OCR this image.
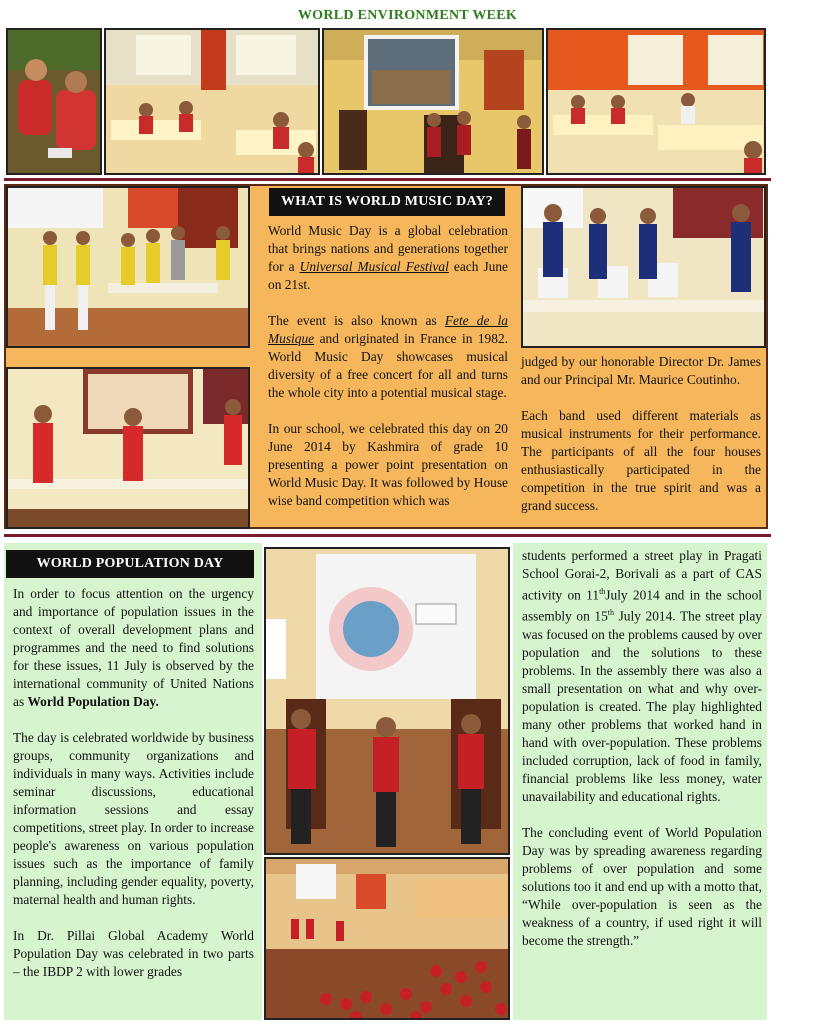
WORLD ENVIRONMENT WEEK
WHAT IS WORLD MUSIC DAY?

World Music Day is a global celebration that brings nations and generations together for a Universal Musical Festival each June on 21st.

The event is also known as Fete de la Musique and originated in France in 1982. World Music Day showcases musical diversity of a free concert for all and turns the whole city into a potential musical stage.

In our school, we celebrated this day on 20 June 2014 by Kashmira of grade 10 presenting a power point presentation on World Music Day. It was followed by House wise band competition which was

judged by our honorable Director Dr. James and our Principal Mr. Maurice Coutinho.

Each band used different materials as musical instruments for their performance. The participants of all the four houses enthusiastically participated in the competition in the true spirit and was a grand success.

WORLD POPULATION DAY

In order to focus attention on the urgency and importance of population issues in the context of overall development plans and programmes and the need to find solutions for these issues, 11 July is observed by the international community of United Nations as World Population Day.

The day is celebrated worldwide by business groups, community organizations and individuals in many ways. Activities include seminar discussions, educational information sessions and essay competitions, street play. In order to increase people's awareness on various population issues such as the importance of family planning, including gender equality, poverty, maternal health and human rights.

In Dr. Pillai Global Academy World Population Day was celebrated in two parts – the IBDP 2 with lower grades

students performed a street play in Pragati School Gorai-2, Borivali as a part of CAS activity on 11thJuly 2014 and in the school assembly on 15th July 2014. The street play was focused on the problems caused by over population and the solutions to these problems. In the assembly there was also a small presentation on what and why over-population is created. The play highlighted many other problems that worked hand in hand with over-population. These problems included corruption, lack of food in family, financial problems like less money, water unavailability and educational rights.

The concluding event of World Population Day was by spreading awareness regarding problems of over population and some solutions too it and end up with a motto that, “While over-population is seen as the weakness of a country, if used right it will become the strength.”
